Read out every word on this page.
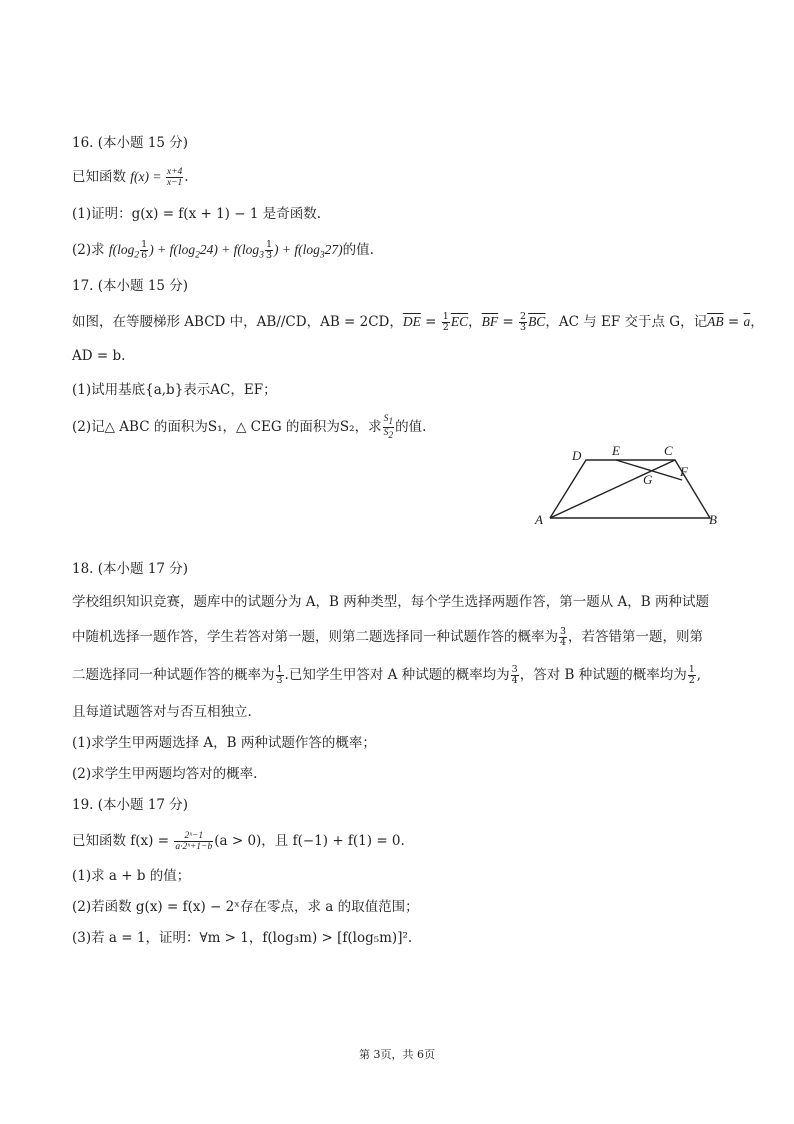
16. (本小题 15 分)
已知函数 $f(x) = \frac{x+4}{x-1}$ .
(1)证明：g(x) = f(x + 1) − 1 是奇函数.
(2)求 $f(\log_2 \frac{1}{6}$ ) + $f(\log_224) + f(\log_3 \frac{1}{3}$ ) + $f(\log_327)$的值.
17. (本小题 15 分)
如图，在等腰梯形 ABCD 中，AB//CD，AB = 2CD，$\overline{DE} = \frac{1}{2} \overline{EC}$，$\overline{BF} = \frac{2}{3} \overline{BC}$，AC 与 EF 交于点 G，记$\overline{AB} = \overline{a}$，
AD = b.
(1)试用基底{a,b}表示AC，EF；
(2)记△ ABC 的面积为S₁，△ CEG 的面积为S₂，求 $\frac{S_1}{S_2}$ 的值.
D E	C
F
G
A	B
18. (本小题 17 分)
学校组织知识竞赛，题库中的试题分为 A，B 两种类型，每个学生选择两题作答，第一题从 A，B 两种试题
中随机选择一题作答，学生若答对第一题，则第二题选择同一种试题作答的概率为 $\frac{3}{4}$ ，若答错第一题，则第
二题选择同一种试题作答的概率为 $\frac{1}{3}$ .已知学生甲答对 A 种试题的概率均为 $\frac{3}{4}$ ，答对 B 种试题的概率均为 $\frac{1}{2}$ ,
且每道试题答对与否互相独立.
(1)求学生甲两题选择 A，B 两种试题作答的概率；
(2)求学生甲两题均答对的概率.
19. (本小题 17 分)
已知函数 $f(x) = \frac{\text{2ˣ−1}}{\text{a·2ˣ+1−b}} (a > 0)$，且 f(−1) + f(1) = 0.
(1)求 a + b 的值；
(2)若函数 g(x) = f(x) − 2ˣ存在零点，求 a 的取值范围；
(3)若 a = 1，证明：∀m > 1，f(log₃m) > [f(log₅m)]².
第 3页，共 6页
